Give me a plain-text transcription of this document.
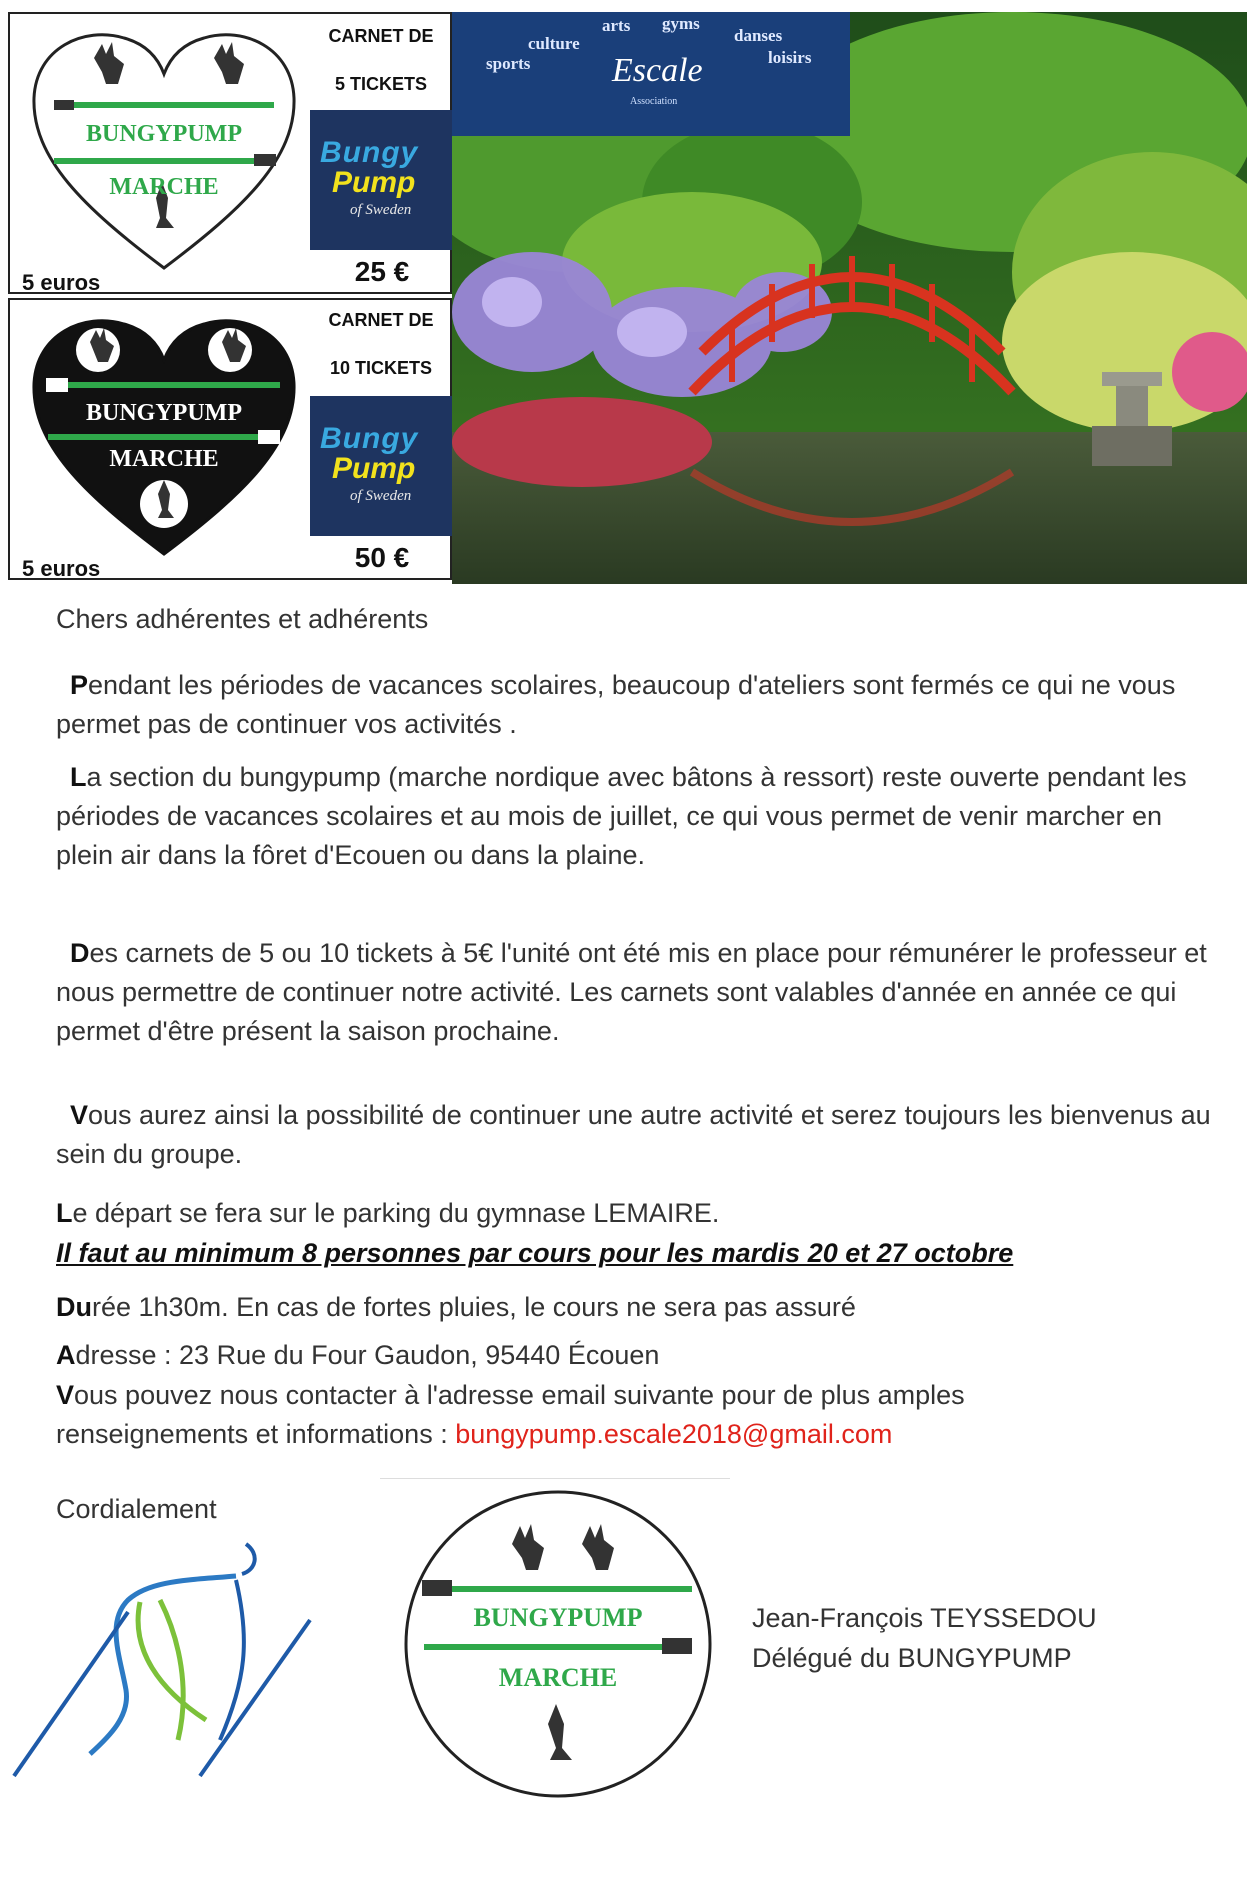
BUNGYPUMP
MARCHE
CARNET DE
5 TICKETS
Bungy
Pump
of Sweden
25 €
5 euros
BUNGYPUMP
MARCHE
CARNET DE
10 TICKETS
Bungy
Pump
of Sweden
50 €
5 euros
arts gyms
culture	danses
sports	loisirs
Escale
Association
Chers adhérentes et adhérents
Pendant les périodes de vacances scolaires, beaucoup d'ateliers sont fermés ce qui ne vous permet pas de continuer vos activités .
La section du bungypump (marche nordique avec bâtons à ressort) reste ouverte pendant les périodes de vacances scolaires et au mois de juillet, ce qui vous permet de venir marcher en plein air dans la fôret d'Ecouen ou dans la plaine.
Des carnets de 5 ou 10 tickets à 5€ l'unité ont été mis en place pour rémunérer le professeur et nous permettre de continuer notre activité. Les carnets sont valables d'année en année ce qui permet d'être présent la saison prochaine.
Vous aurez ainsi la possibilité de continuer une autre activité et serez toujours les bienvenus au sein du groupe.
Le départ se fera sur le parking du gymnase LEMAIRE.
Il faut au minimum 8 personnes par cours pour les mardis 20 et 27 octobre
Durée 1h30m. En cas de fortes pluies, le cours ne sera pas assuré
Adresse : 23 Rue du Four Gaudon, 95440 Écouen
Vous pouvez nous contacter à l'adresse email suivante pour de plus amples renseignements et informations : bungypump.escale2018@gmail.com
Cordialement
BUNGYPUMP
MARCHE
Jean-François TEYSSEDOU
Délégué du BUNGYPUMP
